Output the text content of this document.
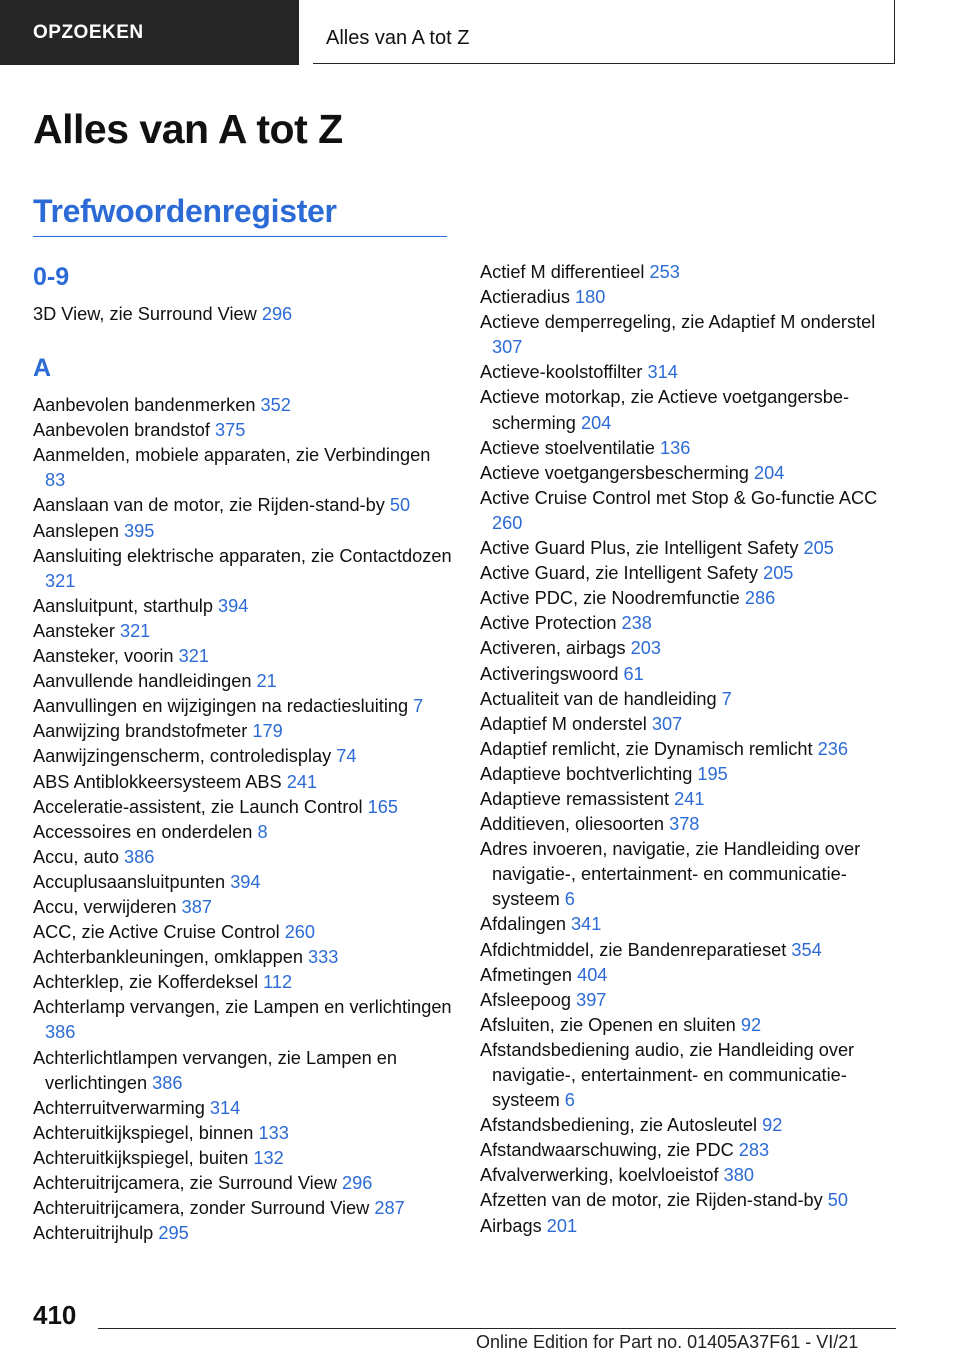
OPZOEKEN	Alles van A tot Z
Alles van A tot Z
Trefwoordenregister
0-9

3D View, zie Surround View 296

A

Aanbevolen bandenmerken 352

Aanbevolen brandstof 375

Aanmelden, mobiele apparaten, zie Verbindingen 83

Aanslaan van de motor, zie Rijden-stand-by 50

Aanslepen 395

Aansluiting elektrische apparaten, zie Contactdozen 321

Aansluitpunt, starthulp 394

Aansteker 321

Aansteker, voorin 321

Aanvullende handleidingen 21

Aanvullingen en wijzigingen na redactiesluiting 7

Aanwijzing brandstofmeter 179

Aanwijzingenscherm, controledisplay 74

ABS Antiblokkeersysteem ABS 241

Acceleratie-assistent, zie Launch Control 165

Accessoires en onderdelen 8

Accu, auto 386

Accuplusaansluitpunten 394

Accu, verwijderen 387

ACC, zie Active Cruise Control 260

Achterbankleuningen, omklappen 333

Achterklep, zie Kofferdeksel 112

Achterlamp vervangen, zie Lampen en verlichtingen 386

Achterlichtlampen vervangen, zie Lampen en verlichtingen 386

Achterruitverwarming 314

Achteruitkijkspiegel, binnen 133

Achteruitkijkspiegel, buiten 132

Achteruitrijcamera, zie Surround View 296

Achteruitrijcamera, zonder Surround View 287

Achteruitrijhulp 295

Actief M differentieel 253

Actieradius 180

Actieve demperregeling, zie Adaptief M onderstel 307

Actieve-koolstoffilter 314

Actieve motorkap, zie Actieve voetgangersbescherming 204

Actieve stoelventilatie 136

Actieve voetgangersbescherming 204

Active Cruise Control met Stop & Go-functie ACC 260

Active Guard Plus, zie Intelligent Safety 205

Active Guard, zie Intelligent Safety 205

Active PDC, zie Noodremfunctie 286

Active Protection 238

Activeren, airbags 203

Activeringswoord 61

Actualiteit van de handleiding 7

Adaptief M onderstel 307

Adaptief remlicht, zie Dynamisch remlicht 236

Adaptieve bochtverlichting 195

Adaptieve remassistent 241

Additieven, oliesoorten 378

Adres invoeren, navigatie, zie Handleiding over navigatie-, entertainment- en communicatiesysteem 6

Afdalingen 341

Afdichtmiddel, zie Bandenreparatieset 354

Afmetingen 404

Afsleepoog 397

Afsluiten, zie Openen en sluiten 92

Afstandsbediening audio, zie Handleiding over navigatie-, entertainment- en communicatiesysteem 6

Afstandsbediening, zie Autosleutel 92

Afstandwaarschuwing, zie PDC 283

Afvalverwerking, koelvloeistof 380

Afzetten van de motor, zie Rijden-stand-by 50

Airbags 201

410
Online Edition for Part no. 01405A37F61 - VI/21
